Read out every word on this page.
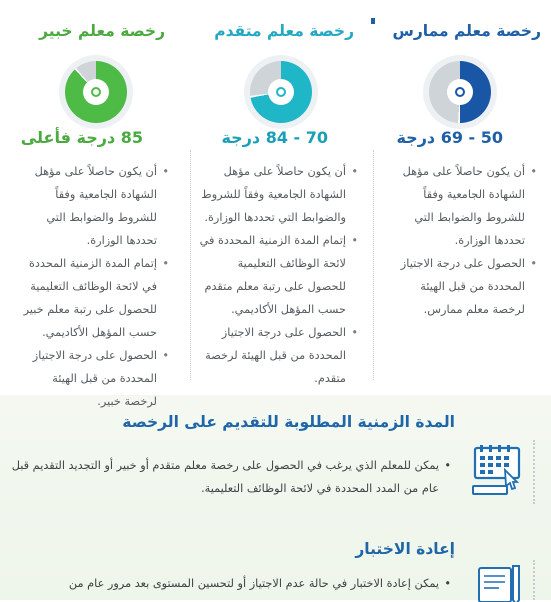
رخصة معلم ممارس
50 - 69 درجة
• أن يكون حاصلاً على مؤهل الشهادة الجامعية وفقاً للشروط والضوابط التي تحددها الوزارة.
• الحصول على درجة الاجتياز المحددة من قبل الهيئة لرخصة معلم ممارس.
رخصة معلم متقدم
70 - 84 درجة
• أن يكون حاصلاً على مؤهل الشهادة الجامعية وفقاً للشروط والضوابط التي تحددها الوزارة.
• إتمام المدة الزمنية المحددة في لائحة الوظائف التعليمية للحصول على رتبة معلم متقدم حسب المؤهل الأكاديمي.
• الحصول على درجة الاجتياز المحددة من قبل الهيئة لرخصة متقدم.
رخصة معلم خبير
85 درجة فأعلى
• أن يكون حاصلاً على مؤهل الشهادة الجامعية وفقاً للشروط والضوابط التي تحددها الوزارة.
• إتمام المدة الزمنية المحددة في لائحة الوظائف التعليمية للحصول على رتبة معلم خبير حسب المؤهل الأكاديمي.
• الحصول على درجة الاجتياز المحددة من قبل الهيئة لرخصة خبير.
المدة الزمنية المطلوبة للتقديم على الرخصة
يمكن للمعلم الذي يرغب في الحصول على رخصة معلم متقدم أو خبير أو التجديد التقديم قبل عام من المدد المحددة في لائحة الوظائف التعليمية.
•
إعادة الاختبار
يمكن إعادة الاختبار في حالة عدم الاجتياز أو لتحسين المستوى بعد مرور عام من •
